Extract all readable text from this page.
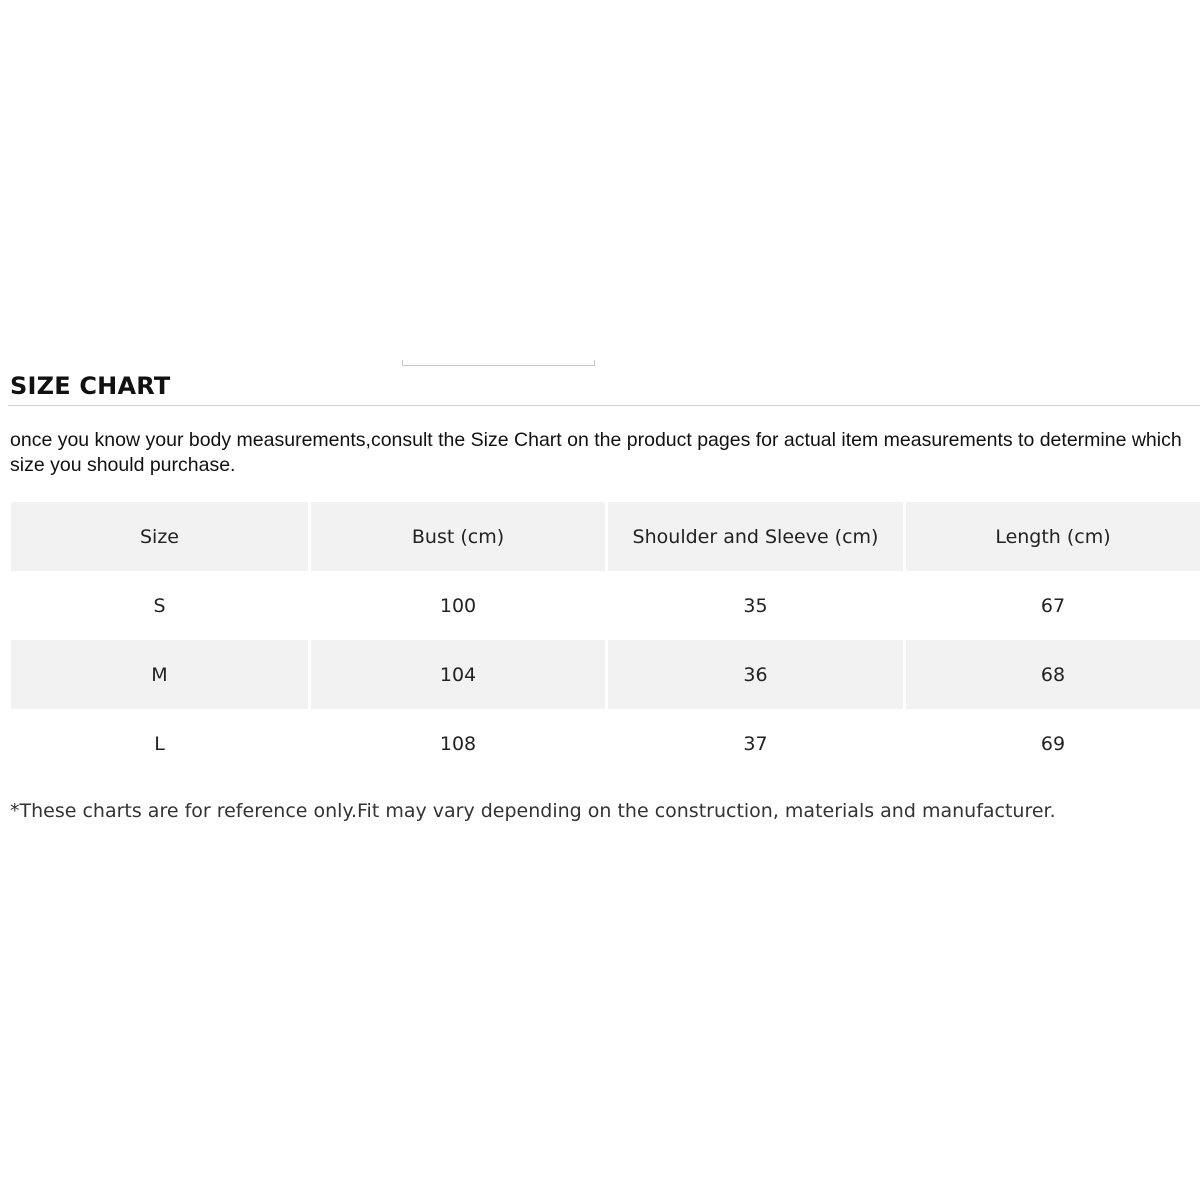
SIZE CHART
once you know your body measurements,consult the Size Chart on the product pages for actual item measurements to determine which size you should purchase.
Size	Bust (cm)	Shoulder and Sleeve (cm)	Length (cm)
S	100	35	67
M	104	36	68
L	108	37	69
*These charts are for reference only.Fit may vary depending on the construction, materials and manufacturer.
